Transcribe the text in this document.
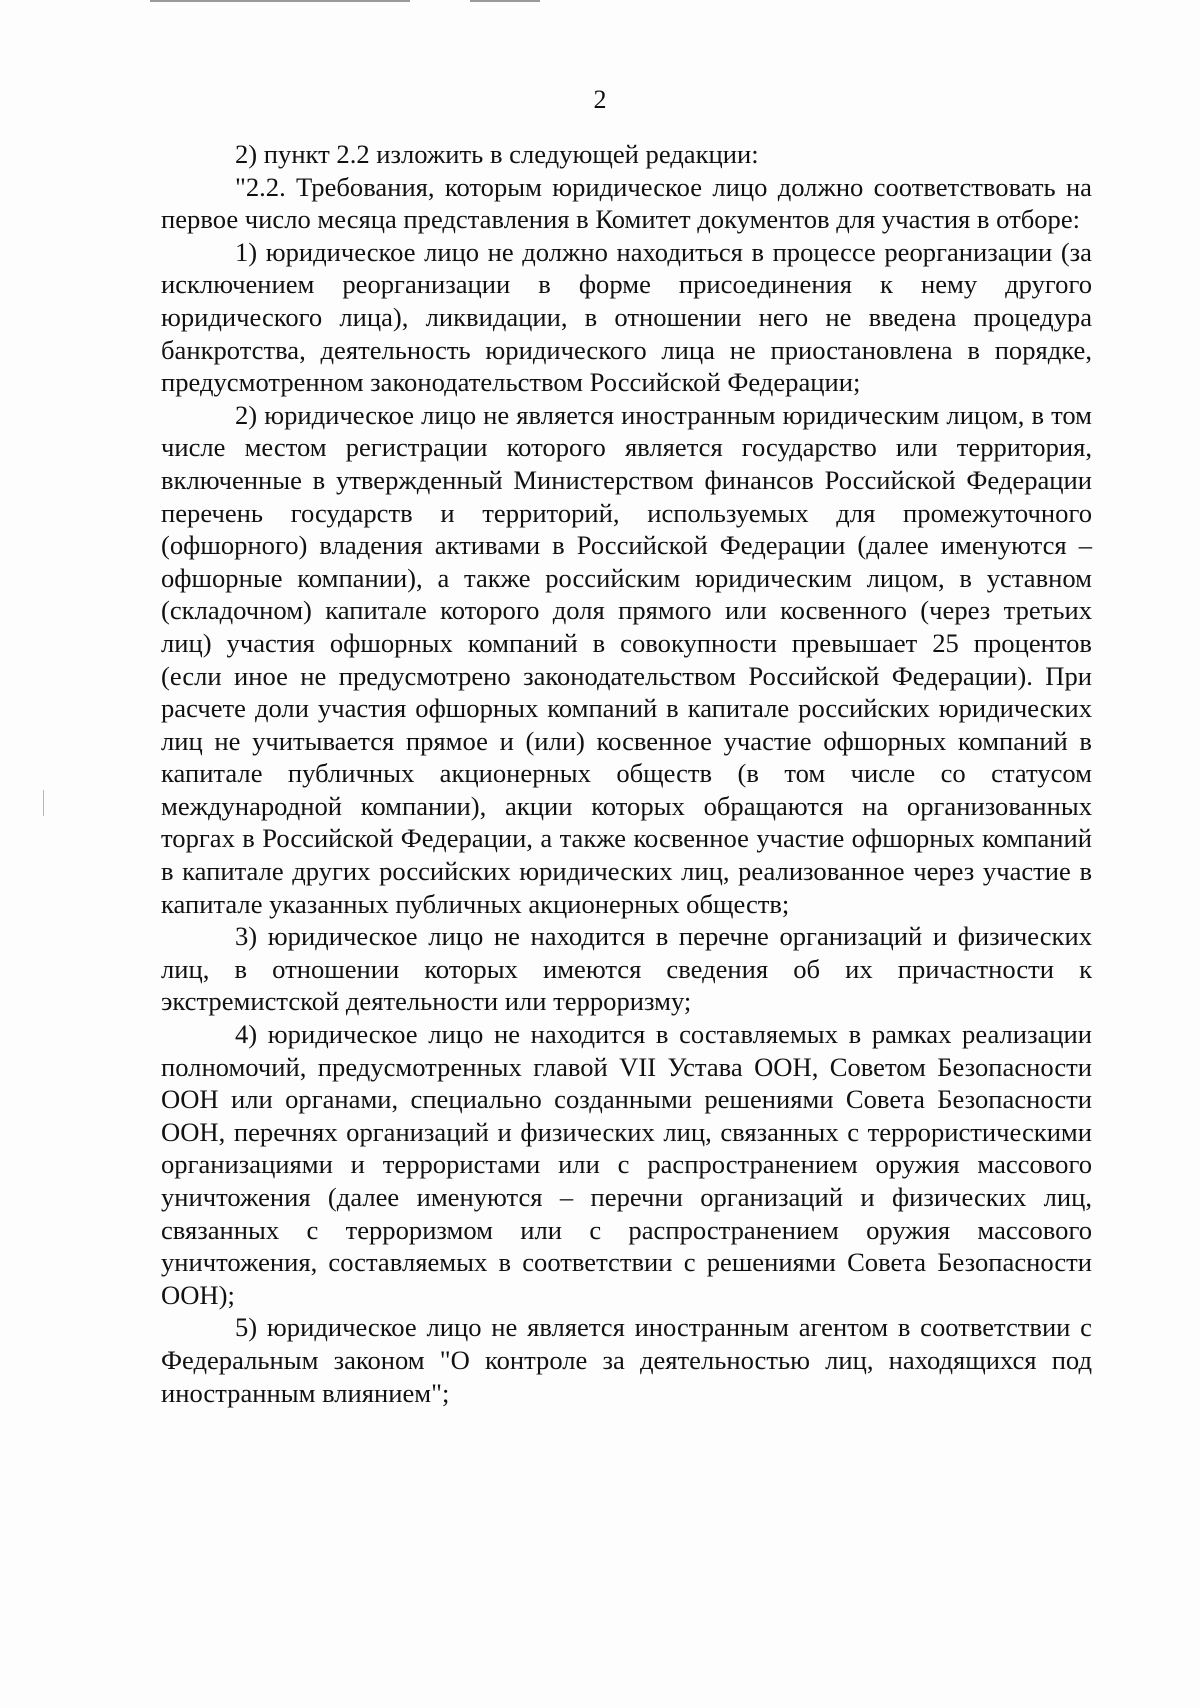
2

2) пункт 2.2 изложить в следующей редакции:

"2.2. Требования, которым юридическое лицо должно соответствовать на первое число месяца представления в Комитет документов для участия в отборе:

1) юридическое лицо не должно находиться в процессе реорганизации (за исключением реорганизации в форме присоединения к нему другого юридического лица), ликвидации, в отношении него не введена процедура банкротства, деятельность юридического лица не приостановлена в порядке, предусмотренном законодательством Российской Федерации;

2) юридическое лицо не является иностранным юридическим лицом, в том числе местом регистрации которого является государство или территория, включенные в утвержденный Министерством финансов Российской Федерации перечень государств и территорий, используемых для промежуточного (офшорного) владения активами в Российской Федерации (далее именуются – офшорные компании), а также российским юридическим лицом, в уставном (складочном) капитале которого доля прямого или косвенного (через третьих лиц) участия офшорных компаний в совокупности превышает 25 процентов (если иное не предусмотрено законодательством Российской Федерации). При расчете доли участия офшорных компаний в капитале российских юридических лиц не учитывается прямое и (или) косвенное участие офшорных компаний в капитале публичных акционерных обществ (в том числе со статусом международной компании), акции которых обращаются на организованных торгах в Российской Федерации, а также косвенное участие офшорных компаний в капитале других российских юридических лиц, реализованное через участие в капитале указанных публичных акционерных обществ;

3) юридическое лицо не находится в перечне организаций и физических лиц, в отношении которых имеются сведения об их причастности к экстремистской деятельности или терроризму;

4) юридическое лицо не находится в составляемых в рамках реализации полномочий, предусмотренных главой VII Устава ООН, Советом Безопасности ООН или органами, специально созданными решениями Совета Безопасности ООН, перечнях организаций и физических лиц, связанных с террористическими организациями и террористами или с распространением оружия массового уничтожения (далее именуются – перечни организаций и физических лиц, связанных с терроризмом или с распространением оружия массового уничтожения, составляемых в соответствии с решениями Совета Безопасности ООН);

5) юридическое лицо не является иностранным агентом в соответствии с Федеральным законом "О контроле за деятельностью лиц, находящихся под иностранным влиянием";
